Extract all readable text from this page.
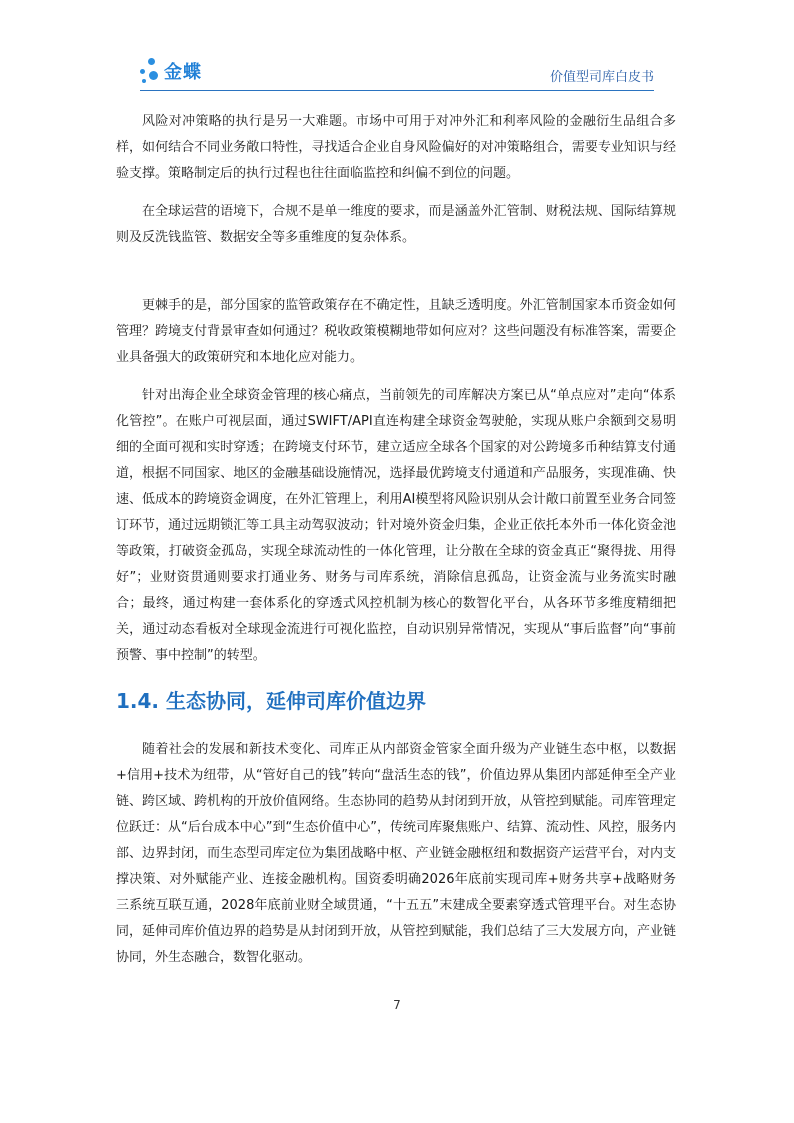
金蝶	价值型司库白皮书

风险对冲策略的执行是另一大难题。市场中可用于对冲外汇和利率风险的金融衍生品组合多样，如何结合不同业务敞口特性，寻找适合企业自身风险偏好的对冲策略组合，需要专业知识与经验支撑。策略制定后的执行过程也往往面临监控和纠偏不到位的问题。

在全球运营的语境下，合规不是单一维度的要求，而是涵盖外汇管制、财税法规、国际结算规则及反洗钱监管、数据安全等多重维度的复杂体系。

更棘手的是，部分国家的监管政策存在不确定性，且缺乏透明度。外汇管制国家本币资金如何管理？跨境支付背景审查如何通过？税收政策模糊地带如何应对？这些问题没有标准答案，需要企业具备强大的政策研究和本地化应对能力。

针对出海企业全球资金管理的核心痛点，当前领先的司库解决方案已从“单点应对”走向“体系化管控”。在账户可视层面，通过SWIFT/API直连构建全球资金驾驶舱，实现从账户余额到交易明细的全面可视和实时穿透；在跨境支付环节，建立适应全球各个国家的对公跨境多币种结算支付通道，根据不同国家、地区的金融基础设施情况，选择最优跨境支付通道和产品服务，实现准确、快速、低成本的跨境资金调度，在外汇管理上，利用AI模型将风险识别从会计敞口前置至业务合同签订环节，通过远期锁汇等工具主动驾驭波动；针对境外资金归集，企业正依托本外币一体化资金池等政策，打破资金孤岛，实现全球流动性的一体化管理，让分散在全球的资金真正“聚得拢、用得好”；业财资贯通则要求打通业务、财务与司库系统，消除信息孤岛，让资金流与业务流实时融合；最终，通过构建一套体系化的穿透式风控机制为核心的数智化平台，从各环节多维度精细把关，通过动态看板对全球现金流进行可视化监控，自动识别异常情况，实现从“事后监督”向“事前预警、事中控制”的转型。

1.4. 生态协同，延伸司库价值边界

随着社会的发展和新技术变化、司库正从内部资金管家全面升级为产业链生态中枢，以数据+信用+技术为纽带，从“管好自己的钱”转向“盘活生态的钱”，价值边界从集团内部延伸至全产业链、跨区域、跨机构的开放价值网络。生态协同的趋势从封闭到开放，从管控到赋能。司库管理定位跃迁：从“后台成本中心”到“生态价值中心”，传统司库聚焦账户、结算、流动性、风控，服务内部、边界封闭，而生态型司库定位为集团战略中枢、产业链金融枢纽和数据资产运营平台，对内支撑决策、对外赋能产业、连接金融机构。国资委明确2026年底前实现司库+财务共享+战略财务三系统互联互通，2028年底前业财全域贯通，“十五五”末建成全要素穿透式管理平台。对生态协同，延伸司库价值边界的趋势是从封闭到开放，从管控到赋能，我们总结了三大发展方向，产业链协同，外生态融合，数智化驱动。

7
